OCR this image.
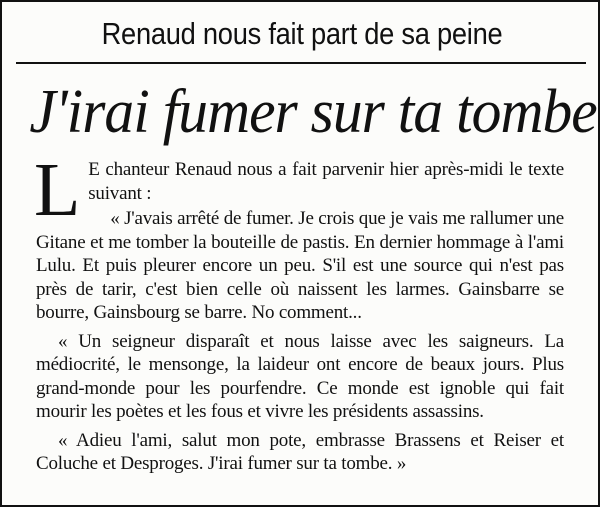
Renaud nous fait part de sa peine
J'irai fumer sur ta tombe

L E chanteur Renaud nous a fait parvenir hier après-midi le texte suivant :

« J'avais arrêté de fumer. Je crois que je vais me rallumer une Gitane et me tomber la bouteille de pastis. En dernier hommage à l'ami Lulu. Et puis pleurer encore un peu. S'il est une source qui n'est pas près de tarir, c'est bien celle où naissent les larmes. Gainsbarre se bourre, Gainsbourg se barre. No comment...

« Un seigneur disparaît et nous laisse avec les saigneurs. La médiocrité, le mensonge, la laideur ont encore de beaux jours. Plus grand-monde pour les pourfendre. Ce monde est ignoble qui fait mourir les poètes et les fous et vivre les présidents assassins.

« Adieu l'ami, salut mon pote, embrasse Brassens et Reiser et Coluche et Desproges. J'irai fumer sur ta tombe. »
